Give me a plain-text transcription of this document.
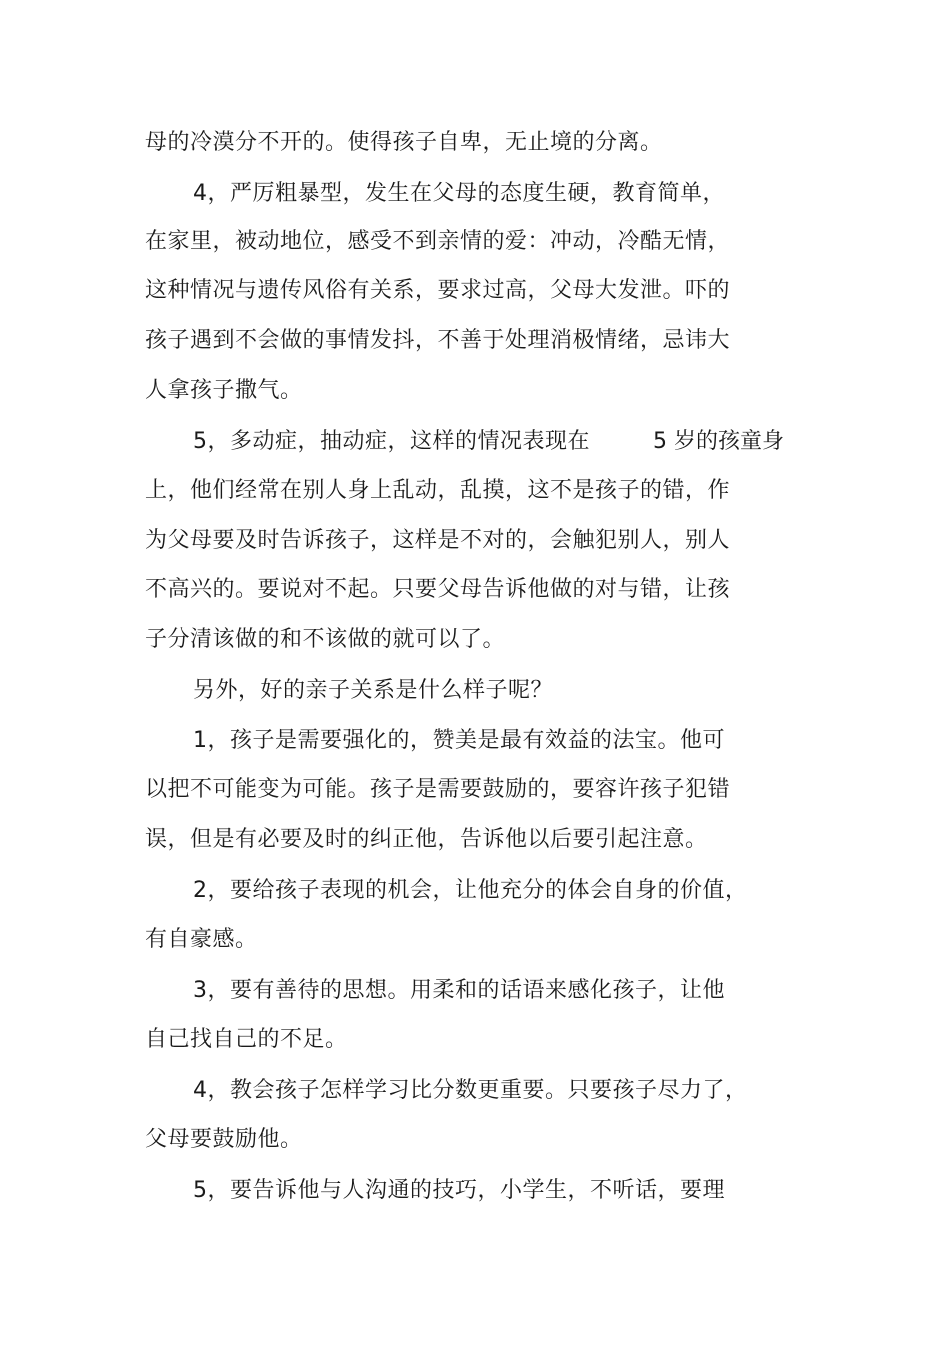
母的冷漠分不开的。使得孩子自卑，无止境的分离。
4，严厉粗暴型，发生在父母的态度生硬，教育简单，
在家里，被动地位，感受不到亲情的爱：冲动，冷酷无情，
这种情况与遗传风俗有关系，要求过高，父母大发泄。吓的
孩子遇到不会做的事情发抖，不善于处理消极情绪，忌讳大
人拿孩子撒气。
5，多动症，抽动症，这样的情况表现在	5 岁的孩童身
上，他们经常在别人身上乱动，乱摸，这不是孩子的错，作
为父母要及时告诉孩子，这样是不对的，会触犯别人，别人
不高兴的。要说对不起。只要父母告诉他做的对与错，让孩
子分清该做的和不该做的就可以了。
另外，好的亲子关系是什么样子呢？
1，孩子是需要强化的，赞美是最有效益的法宝。他可
以把不可能变为可能。孩子是需要鼓励的，要容许孩子犯错
误，但是有必要及时的纠正他，告诉他以后要引起注意。
2，要给孩子表现的机会，让他充分的体会自身的价值，
有自豪感。
3，要有善待的思想。用柔和的话语来感化孩子，让他
自己找自己的不足。
4，教会孩子怎样学习比分数更重要。只要孩子尽力了，
父母要鼓励他。
5，要告诉他与人沟通的技巧，小学生，不听话，要理
